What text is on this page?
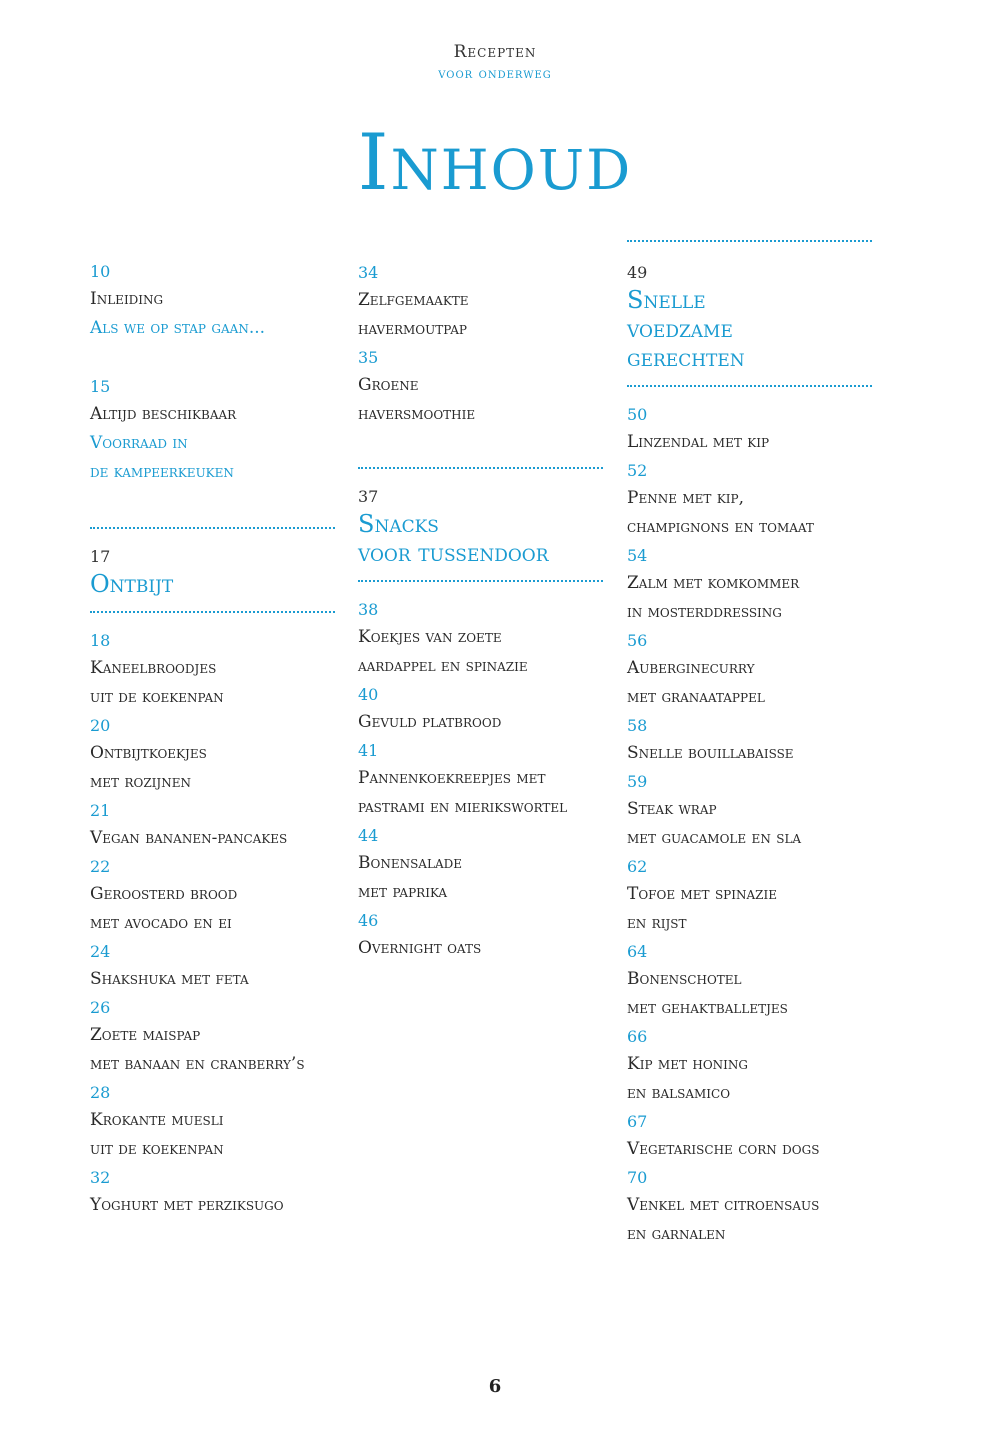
Recepten
voor onderweg
Inhoud
10
Inleiding
Als we op stap gaan...
15
Altijd beschikbaar
Voorraad in
de kampeerkeuken
17
Ontbijt
18
Kaneelbroodjes
uit de koekenpan
20
Ontbijtkoekjes
met rozijnen
21
Vegan bananen-pancakes
22
Geroosterd brood
met avocado en ei
24
Shakshuka met feta
26
Zoete maispap
met banaan en cranberry’s
28
Krokante muesli
uit de koekenpan
32
Yoghurt met perziksugo
34
Zelfgemaakte
havermoutpap
35
Groene
haversmoothie
37
Snacks
voor tussendoor
38
Koekjes van zoete
aardappel en spinazie
40
Gevuld platbrood
41
Pannenkoekreepjes met
pastrami en mierikswortel
44
Bonensalade
met paprika
46
Overnight oats
49
Snelle
voedzame
gerechten
50
Linzendal met kip
52
Penne met kip,
champignons en tomaat
54
Zalm met komkommer
in mosterddressing
56
Auberginecurry
met granaatappel
58
Snelle bouillabaisse
59
Steak wrap
met guacamole en sla
62
Tofoe met spinazie
en rijst
64
Bonenschotel
met gehaktballetjes
66
Kip met honing
en balsamico
67
Vegetarische corn dogs
70
Venkel met citroensaus
en garnalen
6
